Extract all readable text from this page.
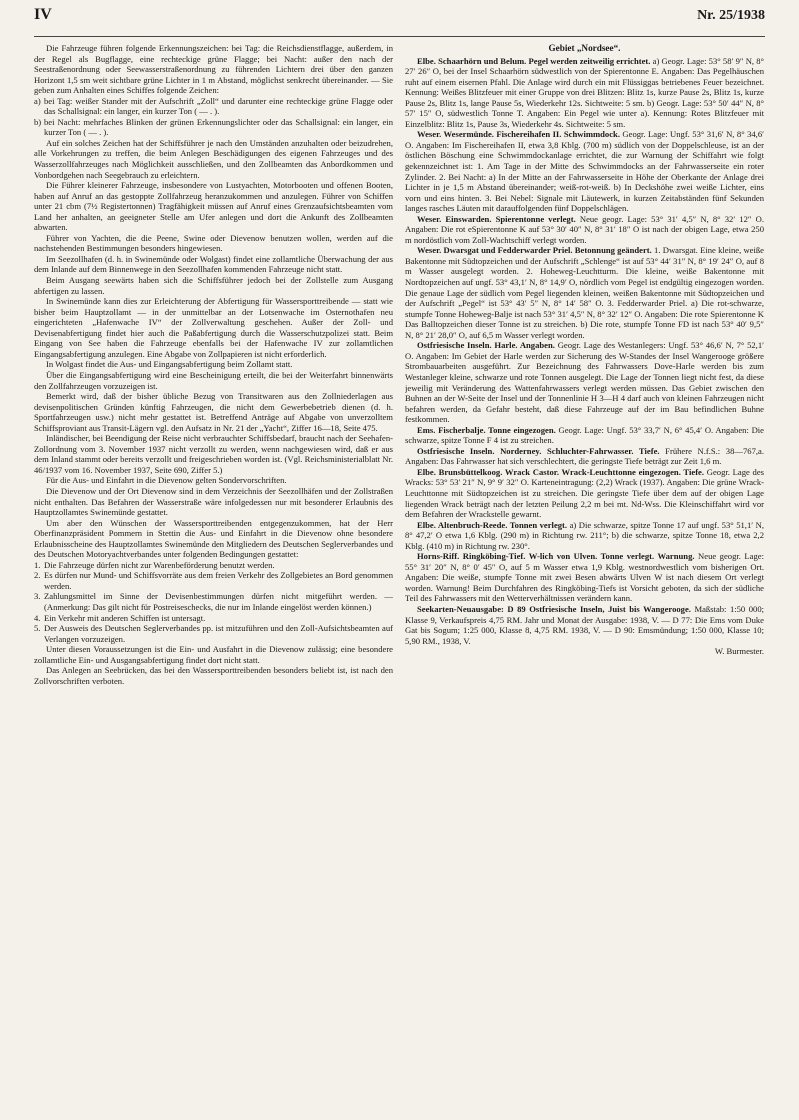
IV	Nr. 25/1938

Die Fahrzeuge führen folgende Erkennungszeichen: bei Tag: die Reichsdienstflagge, außerdem, in der Regel als Bugflagge, eine rechteckige grüne Flagge; bei Nacht: außer den nach der Seestraßenordnung oder Seewasserstraßenordnung zu führenden Lichtern drei über den ganzen Horizont 1,5 sm weit sichtbare grüne Lichter in 1 m Abstand, möglichst senkrecht übereinander. — Sie geben zum Anhalten eines Schiffes folgende Zeichen:

a) bei Tag: weißer Stander mit der Aufschrift „Zoll“ und darunter eine rechteckige grüne Flagge oder das Schallsignal: ein langer, ein kurzer Ton ( — . ).

b) bei Nacht: mehrfaches Blinken der grünen Erkennungslichter oder das Schallsignal: ein langer, ein kurzer Ton ( — . ).

Auf ein solches Zeichen hat der Schiffsführer je nach den Umständen anzuhalten oder beizudrehen, alle Vorkehrungen zu treffen, die beim Anlegen Beschädigungen des eigenen Fahrzeuges und des Wasserzollfahrzeuges nach Möglichkeit ausschließen, und den Zollbeamten das Anbordkommen und Vonbordgehen nach Seegebrauch zu erleichtern.

Die Führer kleinerer Fahrzeuge, insbesondere von Lustyachten, Motorbooten und offenen Booten, haben auf Anruf an das gestoppte Zollfahrzeug heranzukommen und anzulegen. Führer von Schiffen unter 21 cbm (7½ Registertonnen) Tragfähigkeit müssen auf Anruf eines Grenzaufsichtsbeamten vom Land her anhalten, an geeigneter Stelle am Ufer anlegen und dort die Ankunft des Zollbeamten abwarten.

Führer von Yachten, die die Peene, Swine oder Dievenow benutzen wollen, werden auf die nachstehenden Bestimmungen besonders hingewiesen.

Im Seezollhafen (d. h. in Swinemünde oder Wolgast) findet eine zollamtliche Überwachung der aus dem Inlande auf dem Binnenwege in den Seezollhafen kommenden Fahrzeuge nicht statt.

Beim Ausgang seewärts haben sich die Schiffsführer jedoch bei der Zollstelle zum Ausgang abfertigen zu lassen.

In Swinemünde kann dies zur Erleichterung der Abfertigung für Wassersporttreibende — statt wie bisher beim Hauptzollamt — in der unmittelbar an der Lotsenwache im Osternothafen neu eingerichteten „Hafenwache IV“ der Zollverwaltung geschehen. Außer der Zoll- und Devisenabfertigung findet hier auch die Paßabfertigung durch die Wasserschutzpolizei statt. Beim Eingang von See haben die Fahrzeuge ebenfalls bei der Hafenwache IV zur zollamtlichen Eingangsabfertigung anzulegen. Eine Abgabe von Zollpapieren ist nicht erforderlich.

In Wolgast findet die Aus- und Eingangsabfertigung beim Zollamt statt.

Über die Eingangsabfertigung wird eine Bescheinigung erteilt, die bei der Weiterfahrt binnenwärts den Zollfahrzeugen vorzuzeigen ist.

Bemerkt wird, daß der bisher übliche Bezug von Transitwaren aus den Zollniederlagen aus devisenpolitischen Gründen künftig Fahrzeugen, die nicht dem Gewerbebetrieb dienen (d. h. Sportfahrzeugen usw.) nicht mehr gestattet ist. Betreffend Anträge auf Abgabe von unverzolltem Schiffsproviant aus Transit-Lägern vgl. den Aufsatz in Nr. 21 der „Yacht“, Ziffer 16—18, Seite 475.

Inländischer, bei Beendigung der Reise nicht verbrauchter Schiffsbedarf, braucht nach der Seehafen-Zollordnung vom 3. November 1937 nicht verzollt zu werden, wenn nachgewiesen wird, daß er aus dem Inland stammt oder bereits verzollt und freigeschrieben worden ist. (Vgl. Reichsministerialblatt Nr. 46/1937 vom 16. November 1937, Seite 690, Ziffer 5.)

Für die Aus- und Einfahrt in die Dievenow gelten Sondervorschriften.

Die Dievenow und der Ort Dievenow sind in dem Verzeichnis der Seezollhäfen und der Zollstraßen nicht enthalten. Das Befahren der Wasserstraße wäre infolgedessen nur mit besonderer Erlaubnis des Hauptzollamtes Swinemünde gestattet.

Um aber den Wünschen der Wassersporttreibenden entgegenzukommen, hat der Herr Oberfinanzpräsident Pommern in Stettin die Aus- und Einfahrt in die Dievenow ohne besondere Erlaubnisscheine des Hauptzollamtes Swinemünde den Mitgliedern des Deutschen Seglerverbandes und des Deutschen Motoryachtverbandes unter folgenden Bedingungen gestattet:

1. Die Fahrzeuge dürfen nicht zur Warenbeförderung benutzt werden.

2. Es dürfen nur Mund- und Schiffsvorräte aus dem freien Verkehr des Zollgebietes an Bord genommen werden.

3. Zahlungsmittel im Sinne der Devisenbestimmungen dürfen nicht mitgeführt werden. — (Anmerkung: Das gilt nicht für Postreiseschecks, die nur im Inlande eingelöst werden können.)

4. Ein Verkehr mit anderen Schiffen ist untersagt.

5. Der Ausweis des Deutschen Seglerverbandes pp. ist mitzuführen und den Zoll-Aufsichtsbeamten auf Verlangen vorzuzeigen.

Unter diesen Voraussetzungen ist die Ein- und Ausfahrt in die Dievenow zulässig; eine besondere zollamtliche Ein- und Ausgangsabfertigung findet dort nicht statt.

Das Anlegen an Seebrücken, das bei den Wassersporttreibenden besonders beliebt ist, ist nach den Zollvorschriften verboten.

Gebiet „Nordsee“.

Elbe. Schaarhörn und Belum. Pegel werden zeitweilig errichtet. a) Geogr. Lage: 53° 58′ 9″ N, 8° 27′ 26″ O, bei der Insel Schaarhörn südwestlich von der Spierentonne E. Angaben: Das Pegelhäuschen ruht auf einem eisernen Pfahl. Die Anlage wird durch ein mit Flüssiggas betriebenes Feuer bezeichnet. Kennung: Weißes Blitzfeuer mit einer Gruppe von drei Blitzen: Blitz 1s, kurze Pause 2s, Blitz 1s, kurze Pause 2s, Blitz 1s, lange Pause 5s, Wiederkehr 12s. Sichtweite: 5 sm. b) Geogr. Lage: 53° 50′ 44″ N, 8° 57′ 15″ O, südwestlich Tonne T. Angaben: Ein Pegel wie unter a). Kennung: Rotes Blitzfeuer mit Einzelblitz: Blitz 1s, Pause 3s, Wiederkehr 4s. Sichtweite: 5 sm.

Weser. Wesermünde. Fischereihafen II. Schwimmdock. Geogr. Lage: Ungf. 53° 31,6′ N, 8° 34,6′ O. Angaben: Im Fischereihafen II, etwa 3,8 Kblg. (700 m) südlich von der Doppelschleuse, ist an der östlichen Böschung eine Schwimmdockanlage errichtet, die zur Warnung der Schiffahrt wie folgt gekennzeichnet ist: 1. Am Tage in der Mitte des Schwimmdocks an der Fahrwasserseite ein roter Zylinder. 2. Bei Nacht: a) In der Mitte an der Fahrwasserseite in Höhe der Oberkante der Anlage drei Lichter in je 1,5 m Abstand übereinander; weiß-rot-weiß. b) In Deckshöhe zwei weiße Lichter, eins vorn und eins hinten. 3. Bei Nebel: Signale mit Läutewerk, in kurzen Zeitabständen fünf Sekunden langes rasches Läuten mit darauffolgenden fünf Doppelschlägen.

Weser. Einswarden. Spierentonne verlegt. Neue geogr. Lage: 53° 31′ 4,5″ N, 8° 32′ 12″ O. Angaben: Die rot eSpierentonne K auf 53° 30′ 40″ N, 8° 31′ 18″ O ist nach der obigen Lage, etwa 250 m nordöstlich vom Zoll-Wachtschiff verlegt worden.

Weser. Dwarsgat und Fedderwarder Priel. Betonnung geändert. 1. Dwarsgat. Eine kleine, weiße Bakentonne mit Südtopzeichen und der Aufschrift „Schlenge“ ist auf 53° 44′ 31″ N, 8° 19′ 24″ O, auf 8 m Wasser ausgelegt worden. 2. Hoheweg-Leuchtturm. Die kleine, weiße Bakentonne mit Nordtopzeichen auf ungf. 53° 43,1′ N, 8° 14,9′ O, nördlich vom Pegel ist endgültig eingezogen worden. Die genaue Lage der südlich vom Pegel liegenden kleinen, weißen Bakentonne mit Südtopzeichen und der Aufschrift „Pegel“ ist 53° 43′ 5″ N, 8° 14′ 58″ O. 3. Fedderwarder Priel. a) Die rot-schwarze, stumpfe Tonne Hoheweg-Balje ist nach 53° 31′ 4,5″ N, 8° 32′ 12″ O. Angaben: Die rote Spierentonne K Das Balltopzeichen dieser Tonne ist zu streichen. b) Die rote, stumpfe Tonne FD ist nach 53° 40′ 9,5″ N, 8° 21′ 28,0″ O, auf 6,5 m Wasser verlegt worden.

Ostfriesische Inseln. Harle. Angaben. Geogr. Lage des Westanlegers: Ungf. 53° 46,6′ N, 7° 52,1′ O. Angaben: Im Gebiet der Harle werden zur Sicherung des W-Standes der Insel Wangerooge größere Strombauarbeiten ausgeführt. Zur Bezeichnung des Fahrwassers Dove-Harle werden bis zum Westanleger kleine, schwarze und rote Tonnen ausgelegt. Die Lage der Tonnen liegt nicht fest, da diese jeweilig mit Veränderung des Wattenfahrwassers verlegt werden müssen. Das Gebiet zwischen den Buhnen an der W-Seite der Insel und der Tonnenlinie H 3—H 4 darf auch von kleinen Fahrzeugen nicht befahren werden, da Gefahr besteht, daß diese Fahrzeuge auf der im Bau befindlichen Buhne festkommen.

Ems. Fischerbalje. Tonne eingezogen. Geogr. Lage: Ungf. 53° 33,7′ N, 6° 45,4′ O. Angaben: Die schwarze, spitze Tonne F 4 ist zu streichen.

Ostfriesische Inseln. Norderney. Schluchter-Fahrwasser. Tiefe. Frühere N.f.S.: 38—767,a. Angaben: Das Fahrwasser hat sich verschlechtert, die geringste Tiefe beträgt zur Zeit 1,6 m.

Elbe. Brunsbüttelkoog. Wrack Castor. Wrack-Leuchttonne eingezogen. Tiefe. Geogr. Lage des Wracks: 53° 53′ 21″ N, 9° 9′ 32″ O. Karteneintragung: (2,2) Wrack (1937). Angaben: Die grüne Wrack-Leuchttonne mit Südtopzeichen ist zu streichen. Die geringste Tiefe über dem auf der obigen Lage liegenden Wrack beträgt nach der letzten Peilung 2,2 m bei mt. Nd-Wss. Die Kleinschiffahrt wird vor dem Befahren der Wrackstelle gewarnt.

Elbe. Altenbruch-Reede. Tonnen verlegt. a) Die schwarze, spitze Tonne 17 auf ungf. 53° 51,1′ N, 8° 47,2′ O etwa 1,6 Kblg. (290 m) in Richtung rw. 211°; b) die schwarze, spitze Tonne 18, etwa 2,2 Kblg. (410 m) in Richtung rw. 230°.

Horns-Riff. Ringköbing-Tief. W-lich von Ulven. Tonne verlegt. Warnung. Neue geogr. Lage: 55° 31′ 20″ N, 8° 0′ 45″ O, auf 5 m Wasser etwa 1,9 Kblg. westnordwestlich vom bisherigen Ort. Angaben: Die weiße, stumpfe Tonne mit zwei Besen abwärts Ulven W ist nach diesem Ort verlegt worden. Warnung! Beim Durchfahren des Ringköbing-Tiefs ist Vorsicht geboten, da sich der südliche Teil des Fahrwassers mit den Wetterverhältnissen verändern kann.

Seekarten-Neuausgabe: D 89 Ostfriesische Inseln, Juist bis Wangerooge. Maßstab: 1:50 000; Klasse 9, Verkaufspreis 4,75 RM. Jahr und Monat der Ausgabe: 1938, V. — D 77: Die Ems vom Duke Gat bis Sogum; 1:25 000, Klasse 8, 4,75 RM. 1938, V. — D 90: Emsmündung; 1:50 000, Klasse 10; 5,90 RM., 1938, V.

W. Burmester.
